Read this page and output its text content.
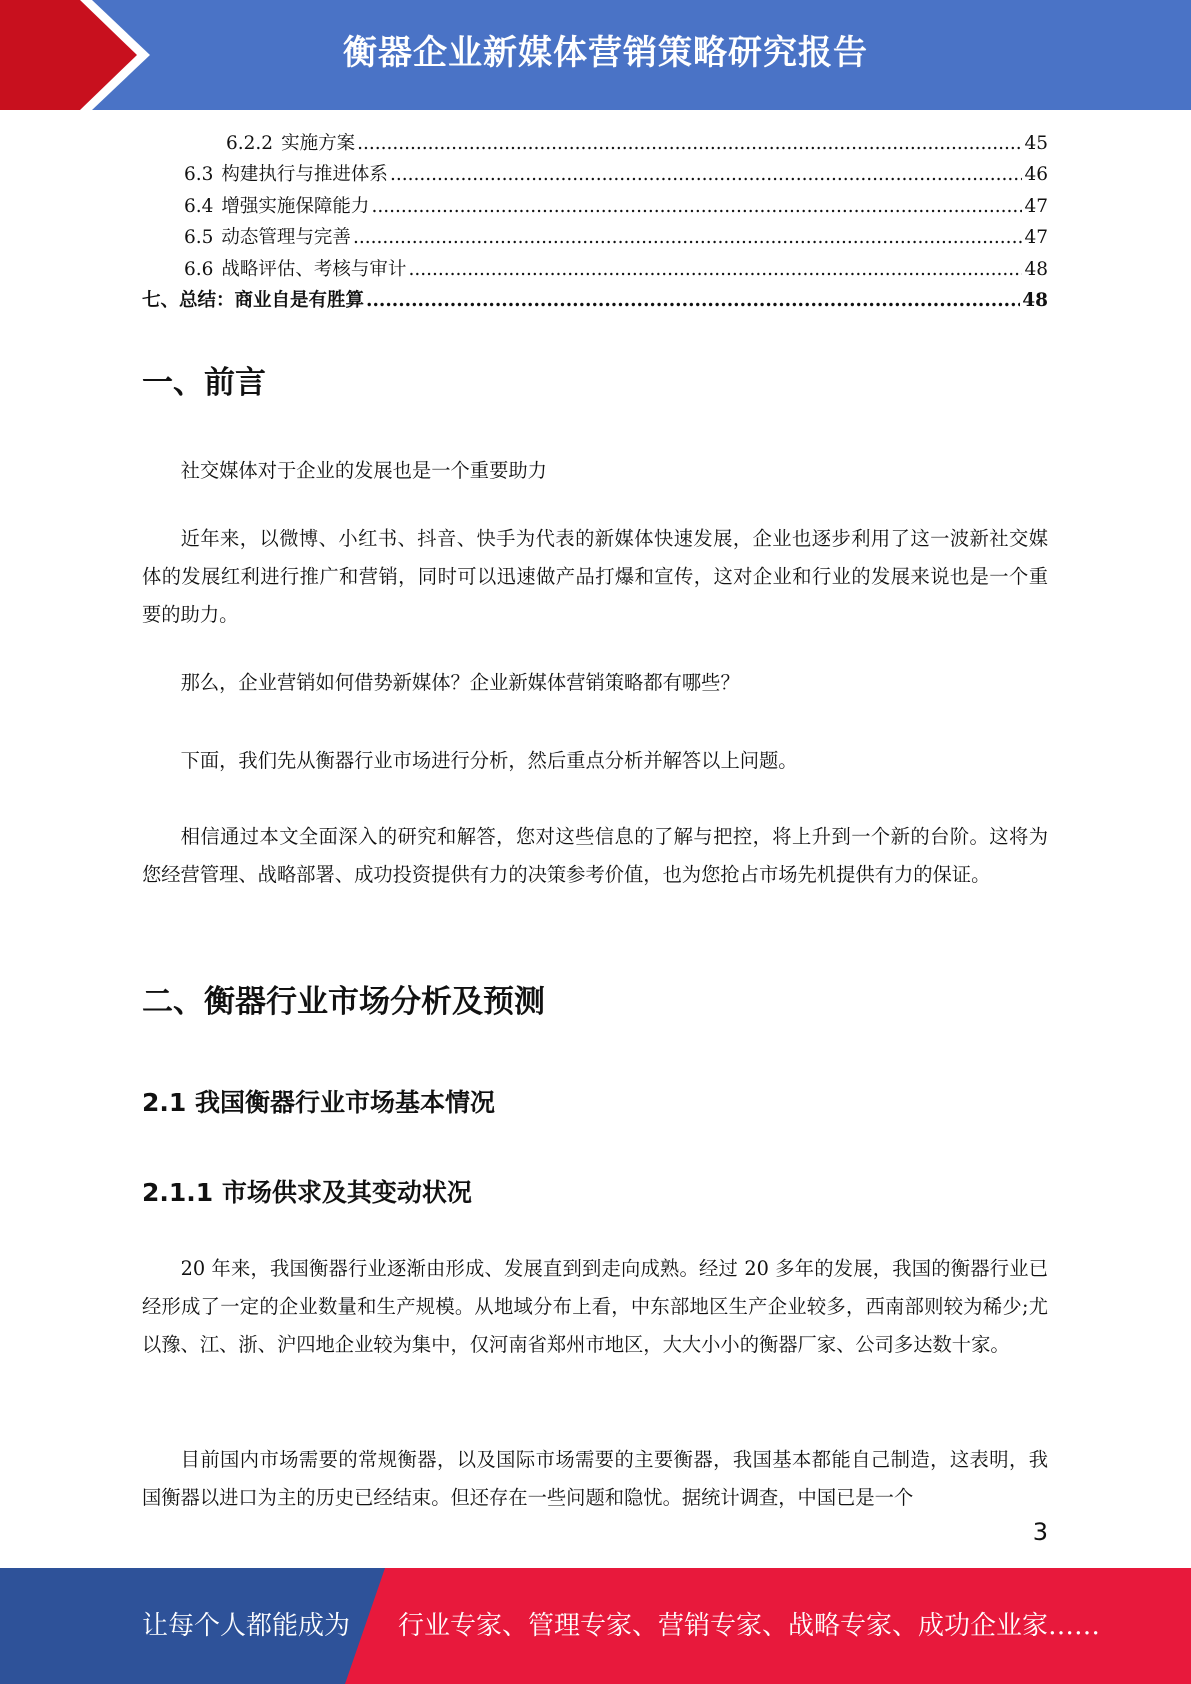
衡器企业新媒体营销策略研究报告
6.2.2 实施方案 .....	45
6.3 构建执行与推进体系 .....	46
6.4 增强实施保障能力 .....	47
6.5 动态管理与完善 .....	47
6.6 战略评估、考核与审计 .....	48
七、 总结：商业自是有胜算 .....	48
一、前言
社交媒体对于企业的发展也是一个重要助力
近年来，以微博、小红书、抖音、快手为代表的新媒体快速发展，企业也逐步利用了这一波新社交媒体的发展红利进行推广和营销，同时可以迅速做产品打爆和宣传，这对企业和行业的发展来说也是一个重要的助力。
那么，企业营销如何借势新媒体？企业新媒体营销策略都有哪些？
下面，我们先从衡器行业市场进行分析，然后重点分析并解答以上问题。
相信通过本文全面深入的研究和解答，您对这些信息的了解与把控，将上升到一个新的台阶。这将为您经营管理、战略部署、成功投资提供有力的决策参考价值，也为您抢占市场先机提供有力的保证。
二、衡器行业市场分析及预测
2.1 我国衡器行业市场基本情况
2.1.1 市场供求及其变动状况
20 年来，我国衡器行业逐渐由形成、发展直到到走向成熟。经过 20 多年的发展，我国的衡器行业已经形成了一定的企业数量和生产规模。从地域分布上看，中东部地区生产企业较多，西南部则较为稀少;尤以豫、江、浙、沪四地企业较为集中，仅河南省郑州市地区，大大小小的衡器厂家、公司多达数十家。
目前国内市场需要的常规衡器，以及国际市场需要的主要衡器，我国基本都能自己制造，这表明，我国衡器以进口为主的历史已经结束。但还存在一些问题和隐忧。据统计调查，中国已是一个
3
让每个人都能成为 行业专家、管理专家、营销专家、战略专家、成功企业家……
